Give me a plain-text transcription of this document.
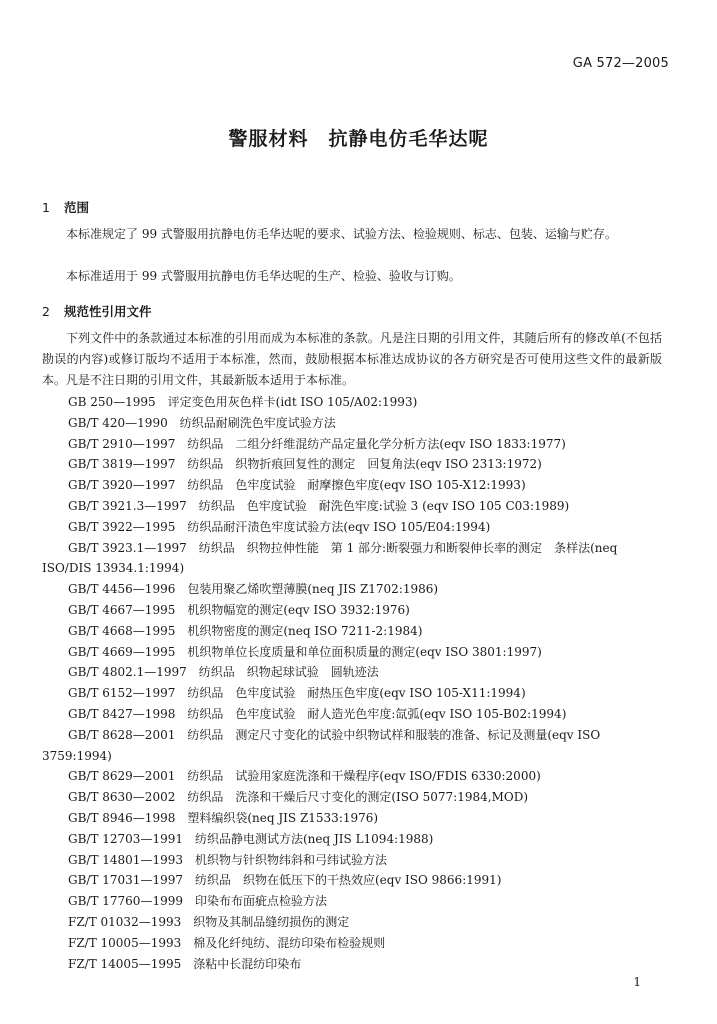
GA 572—2005
警服材料　抗静电仿毛华达呢
1 范围
本标准规定了 99 式警服用抗静电仿毛华达呢的要求、试验方法、检验规则、标志、包装、运输与贮存。
本标准适用于 99 式警服用抗静电仿毛华达呢的生产、检验、验收与订购。
2 规范性引用文件
下列文件中的条款通过本标准的引用而成为本标准的条款。凡是注日期的引用文件，其随后所有的修改单(不包括勘误的内容)或修订版均不适用于本标准，然而，鼓励根据本标准达成协议的各方研究是否可使用这些文件的最新版本。凡是不注日期的引用文件，其最新版本适用于本标准。
GB 250—1995　评定变色用灰色样卡(idt ISO 105/A02:1993)
GB/T 420—1990　纺织品耐刷洗色牢度试验方法
GB/T 2910—1997　纺织品　二组分纤维混纺产品定量化学分析方法(eqv ISO 1833:1977)
GB/T 3819—1997　纺织品　织物折痕回复性的测定　回复角法(eqv ISO 2313:1972)
GB/T 3920—1997　纺织品　色牢度试验　耐摩擦色牢度(eqv ISO 105-X12:1993)
GB/T 3921.3—1997　纺织品　色牢度试验　耐洗色牢度:试验 3 (eqv ISO 105 C03:1989)
GB/T 3922—1995　纺织品耐汗渍色牢度试验方法(eqv ISO 105/E04:1994)
GB/T 3923.1—1997　纺织品　织物拉伸性能　第 1 部分:断裂强力和断裂伸长率的测定　条样法(neq ISO/DIS 13934.1:1994)
GB/T 4456—1996　包装用聚乙烯吹塑薄膜(neq JIS Z1702:1986)
GB/T 4667—1995　机织物幅宽的测定(eqv ISO 3932:1976)
GB/T 4668—1995　机织物密度的测定(neq ISO 7211-2:1984)
GB/T 4669—1995　机织物单位长度质量和单位面积质量的测定(eqv ISO 3801:1997)
GB/T 4802.1—1997　纺织品　织物起球试验　圆轨迹法
GB/T 6152—1997　纺织品　色牢度试验　耐热压色牢度(eqv ISO 105-X11:1994)
GB/T 8427—1998　纺织品　色牢度试验　耐人造光色牢度:氙弧(eqv ISO 105-B02:1994)
GB/T 8628—2001　纺织品　测定尺寸变化的试验中织物试样和服装的准备、标记及测量(eqv ISO 3759:1994)
GB/T 8629—2001　纺织品　试验用家庭洗涤和干燥程序(eqv ISO/FDIS 6330:2000)
GB/T 8630—2002　纺织品　洗涤和干燥后尺寸变化的测定(ISO 5077:1984,MOD)
GB/T 8946—1998　塑料编织袋(neq JIS Z1533:1976)
GB/T 12703—1991　纺织品静电测试方法(neq JIS L1094:1988)
GB/T 14801—1993　机织物与针织物纬斜和弓纬试验方法
GB/T 17031—1997　纺织品　织物在低压下的干热效应(eqv ISO 9866:1991)
GB/T 17760—1999　印染布布面疵点检验方法
FZ/T 01032—1993　织物及其制品缝纫损伤的测定
FZ/T 10005—1993　棉及化纤纯纺、混纺印染布检验规则
FZ/T 14005—1995　涤粘中长混纺印染布
1
